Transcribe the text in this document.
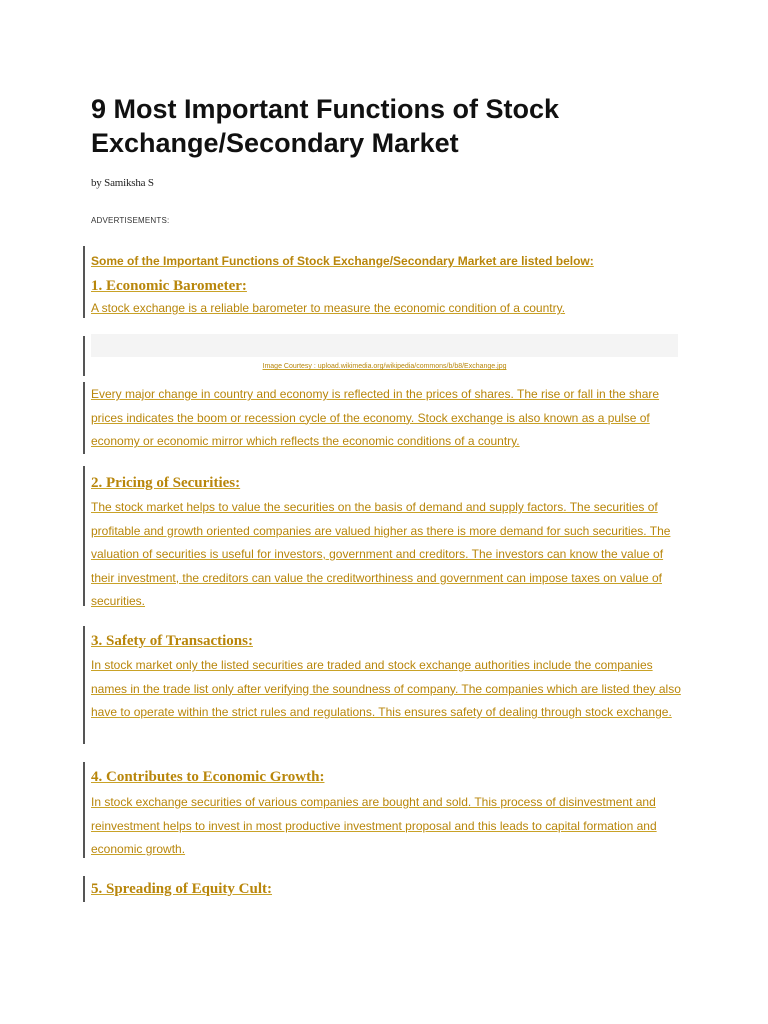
9 Most Important Functions of Stock Exchange/Secondary Market

by Samiksha S

ADVERTISEMENTS:

Some of the Important Functions of Stock Exchange/Secondary Market are listed below:

1. Economic Barometer:

A stock exchange is a reliable barometer to measure the economic condition of a country.

Image Courtesy : upload.wikimedia.org/wikipedia/commons/b/b8/Exchange.jpg

Every major change in country and economy is reflected in the prices of shares. The rise or fall in the share prices indicates the boom or recession cycle of the economy. Stock exchange is also known as a pulse of economy or economic mirror which reflects the economic conditions of a country.

2. Pricing of Securities:

The stock market helps to value the securities on the basis of demand and supply factors. The securities of profitable and growth oriented companies are valued higher as there is more demand for such securities. The valuation of securities is useful for investors, government and creditors. The investors can know the value of their investment, the creditors can value the creditworthiness and government can impose taxes on value of securities.

3. Safety of Transactions:

In stock market only the listed securities are traded and stock exchange authorities include the companies names in the trade list only after verifying the soundness of company. The companies which are listed they also have to operate within the strict rules and regulations. This ensures safety of dealing through stock exchange.

4. Contributes to Economic Growth:

In stock exchange securities of various companies are bought and sold. This process of disinvestment and reinvestment helps to invest in most productive investment proposal and this leads to capital formation and economic growth.

5. Spreading of Equity Cult:
